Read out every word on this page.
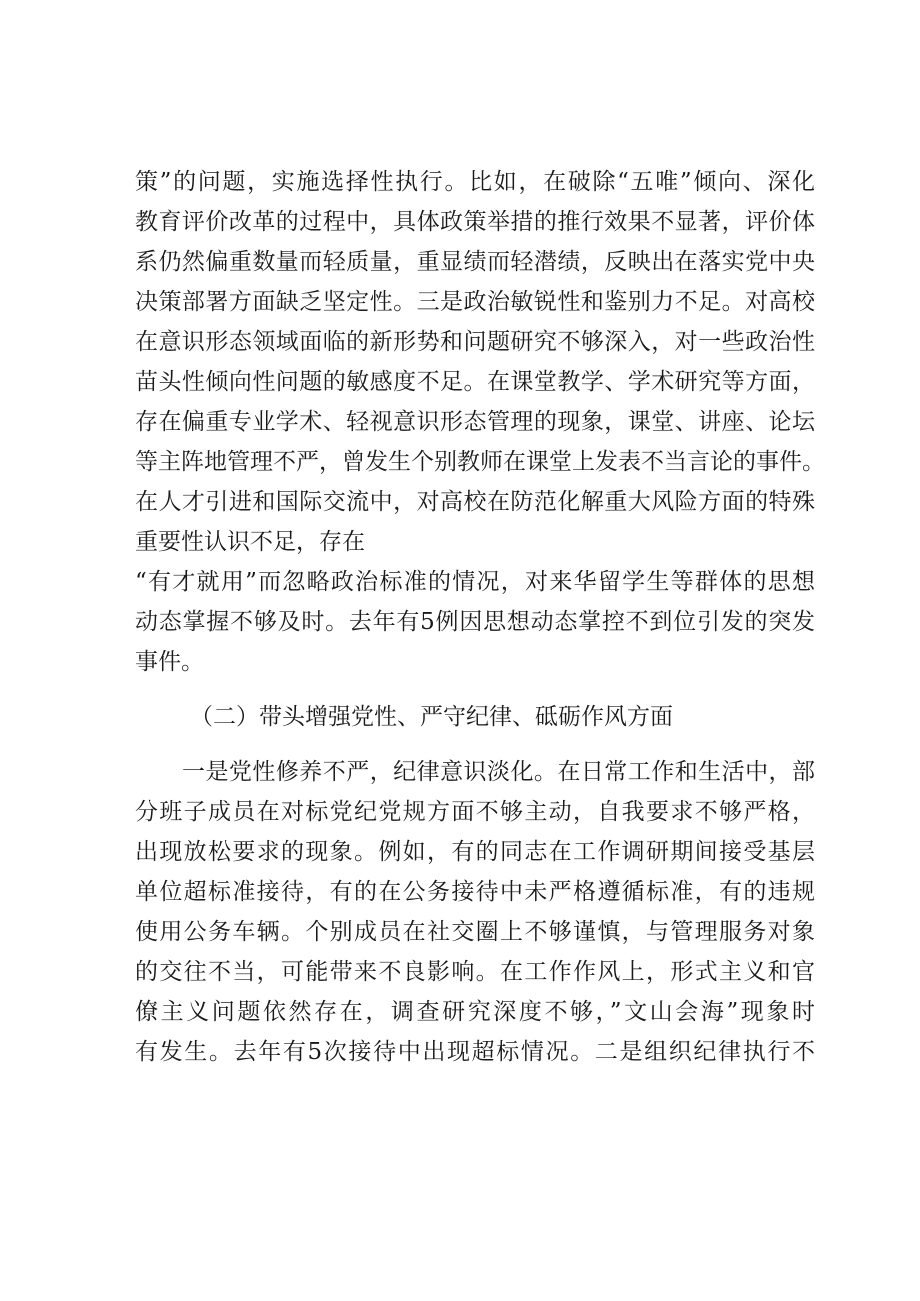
策”的问题，实施选择性执行。比如，在破除“五唯”倾向、深化
教育评价改革的过程中，具体政策举措的推行效果不显著，评价体
系仍然偏重数量而轻质量，重显绩而轻潜绩，反映出在落实党中央
决策部署方面缺乏坚定性。三是政治敏锐性和鉴别力不足。对高校
在意识形态领域面临的新形势和问题研究不够深入，对一些政治性
苗头性倾向性问题的敏感度不足。在课堂教学、学术研究等方面，
存在偏重专业学术、轻视意识形态管理的现象，课堂、讲座、论坛
等主阵地管理不严，曾发生个别教师在课堂上发表不当言论的事件。
在人才引进和国际交流中，对高校在防范化解重大风险方面的特殊
重要性认识不足，存在
“有才就用”而忽略政治标准的情况，对来华留学生等群体的思想
动态掌握不够及时。去年有5例因思想动态掌控不到位引发的突发
事件。
（二）带头增强党性、严守纪律、砥砺作风方面
一是党性修养不严，纪律意识淡化。在日常工作和生活中，部
分班子成员在对标党纪党规方面不够主动，自我要求不够严格，
出现放松要求的现象。例如，有的同志在工作调研期间接受基层
单位超标准接待，有的在公务接待中未严格遵循标准，有的违规
使用公务车辆。个别成员在社交圈上不够谨慎，与管理服务对象
的交往不当，可能带来不良影响。在工作作风上，形式主义和官
僚主义问题依然存在，调查研究深度不够，”文山会海”现象时
有发生。去年有5次接待中出现超标情况。二是组织纪律执行不
